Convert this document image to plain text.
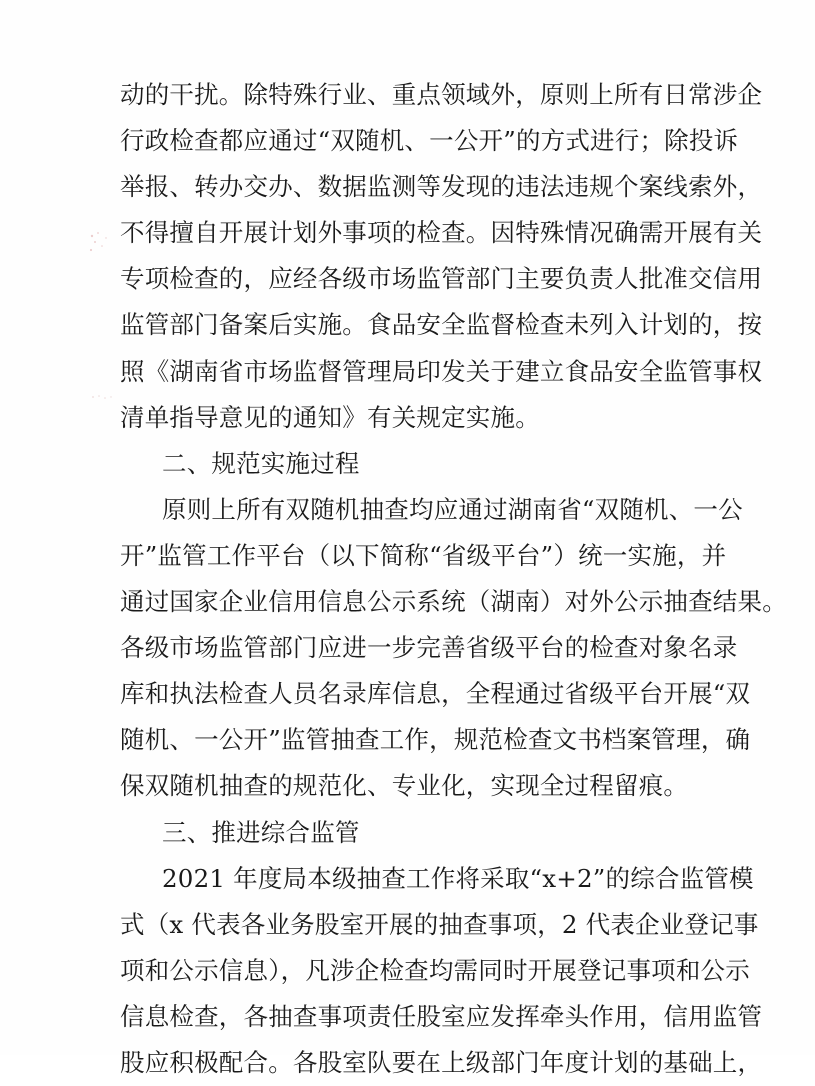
动的干扰。除特殊行业、重点领域外，原则上所有日常涉企
行政检查都应通过“双随机、一公开”的方式进行；除投诉
举报、转办交办、数据监测等发现的违法违规个案线索外，
不得擅自开展计划外事项的检查。因特殊情况确需开展有关
专项检查的，应经各级市场监管部门主要负责人批准交信用
监管部门备案后实施。食品安全监督检查未列入计划的，按
照《湖南省市场监督管理局印发关于建立食品安全监管事权
清单指导意见的通知》有关规定实施。
二、规范实施过程
原则上所有双随机抽查均应通过湖南省“双随机、一公
开”监管工作平台（以下简称“省级平台”）统一实施，并
通过国家企业信用信息公示系统（湖南）对外公示抽查结果。
各级市场监管部门应进一步完善省级平台的检查对象名录
库和执法检查人员名录库信息，全程通过省级平台开展“双
随机、一公开”监管抽查工作，规范检查文书档案管理，确
保双随机抽查的规范化、专业化，实现全过程留痕。
三、推进综合监管
2021 年度局本级抽查工作将采取“x+2”的综合监管模
式（x 代表各业务股室开展的抽查事项，2 代表企业登记事
项和公示信息），凡涉企检查均需同时开展登记事项和公示
信息检查，各抽查事项责任股室应发挥牵头作用，信用监管
股应积极配合。各股室队要在上级部门年度计划的基础上，
